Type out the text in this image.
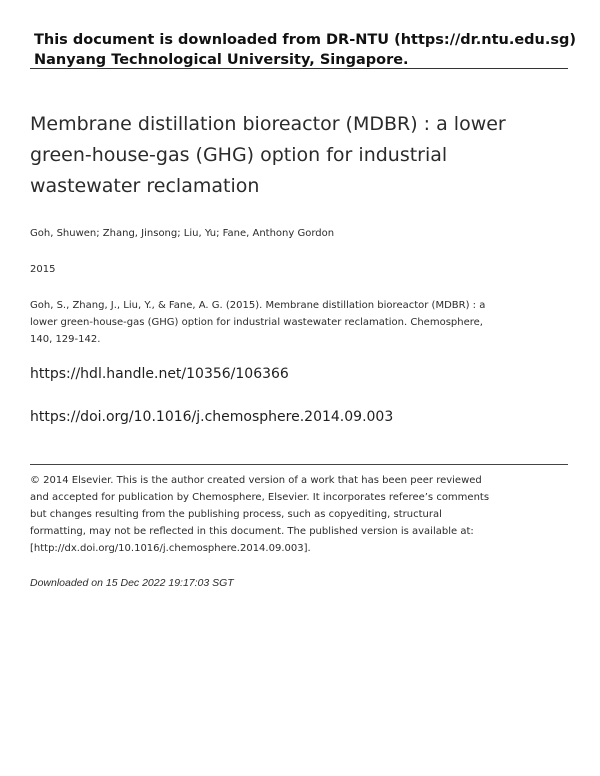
This document is downloaded from DR-NTU (https://dr.ntu.edu.sg)
Nanyang Technological University, Singapore.
Membrane distillation bioreactor (MDBR) : a lower green-house-gas (GHG) option for industrial wastewater reclamation
Goh, Shuwen; Zhang, Jinsong; Liu, Yu; Fane, Anthony Gordon
2015
Goh, S., Zhang, J., Liu, Y., & Fane, A. G. (2015). Membrane distillation bioreactor (MDBR) : a lower green-house-gas (GHG) option for industrial wastewater reclamation. Chemosphere, 140, 129-142.
https://hdl.handle.net/10356/106366
https://doi.org/10.1016/j.chemosphere.2014.09.003
© 2014 Elsevier. This is the author created version of a work that has been peer reviewed and accepted for publication by Chemosphere, Elsevier. It incorporates referee’s comments but changes resulting from the publishing process, such as copyediting, structural formatting, may not be reflected in this document. The published version is available at: [http://dx.doi.org/10.1016/j.chemosphere.2014.09.003].
Downloaded on 15 Dec 2022 19:17:03 SGT
